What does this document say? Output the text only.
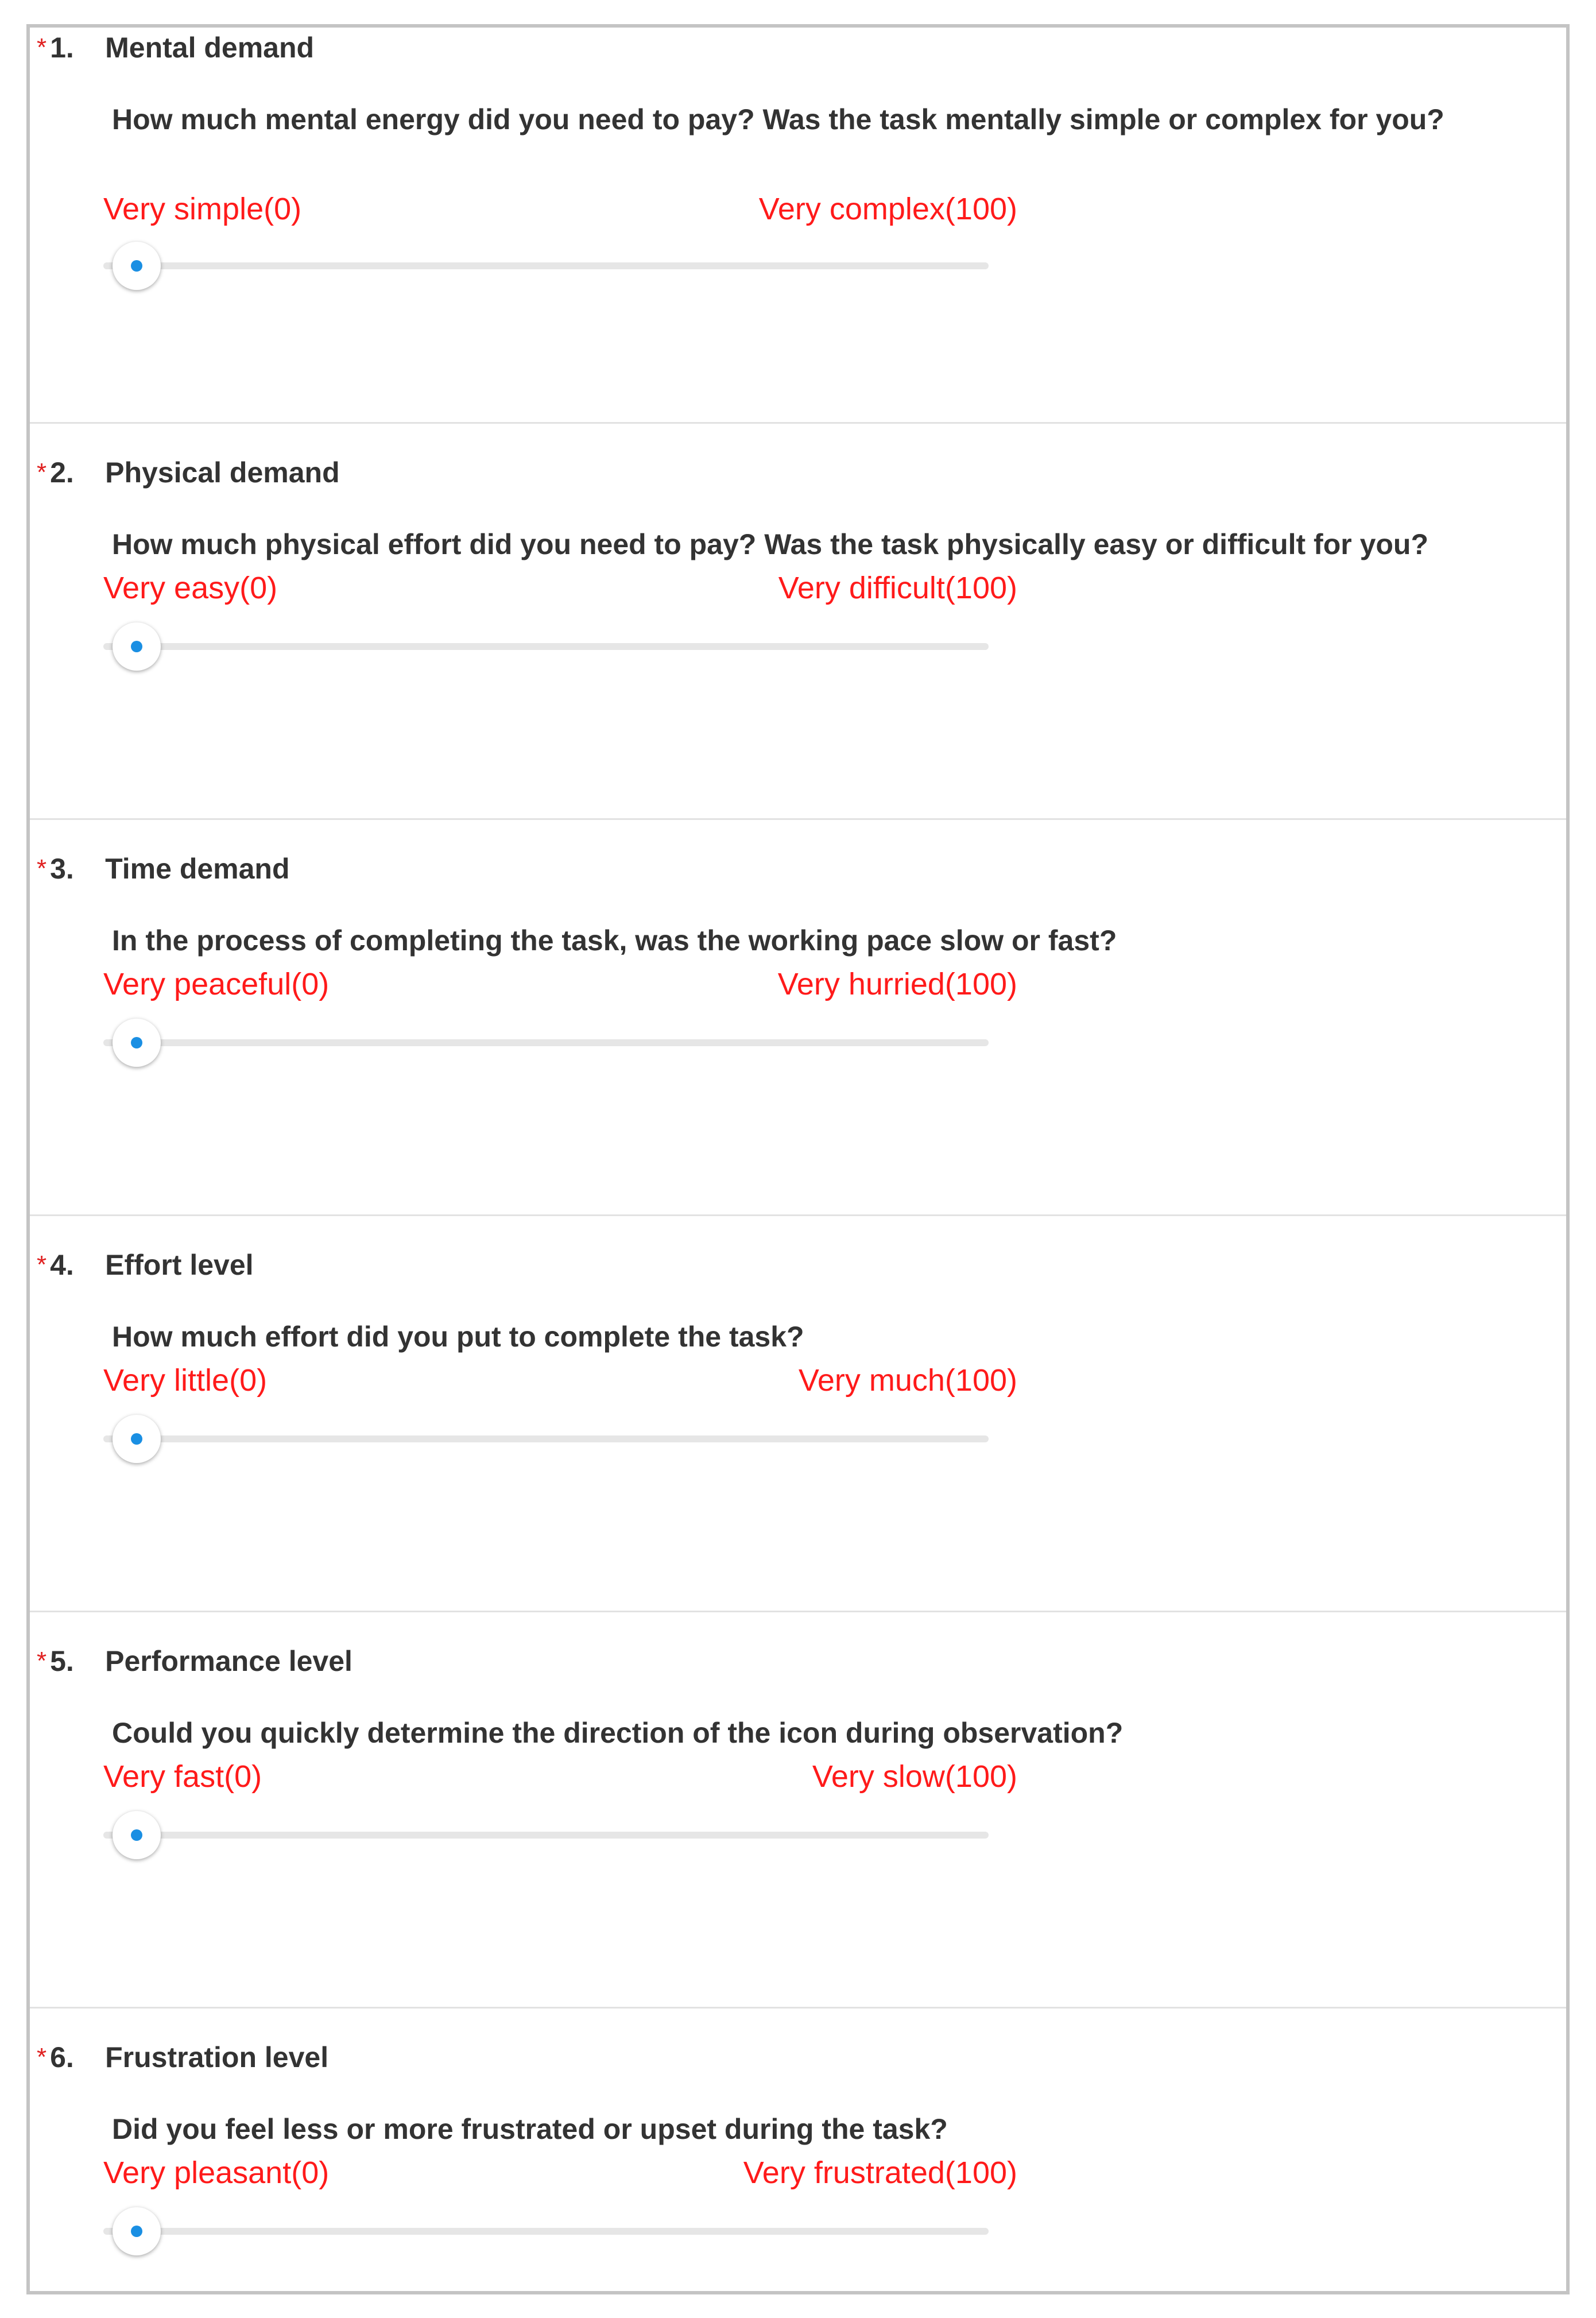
* 1.	Mental demand
How much mental energy did you need to pay? Was the task mentally simple or complex for you?
Very simple(0)	Very complex(100)
* 2.	Physical demand
How much physical effort did you need to pay? Was the task physically easy or difficult for you?
Very easy(0)	Very difficult(100)
* 3.	Time demand
In the process of completing the task, was the working pace slow or fast?
Very peaceful(0)	Very hurried(100)
* 4.	Effort level
How much effort did you put to complete the task?
Very little(0)	Very much(100)
* 5.	Performance level
Could you quickly determine the direction of the icon during observation?
Very fast(0)	Very slow(100)
* 6.	Frustration level
Did you feel less or more frustrated or upset during the task?
Very pleasant(0)	Very frustrated(100)
